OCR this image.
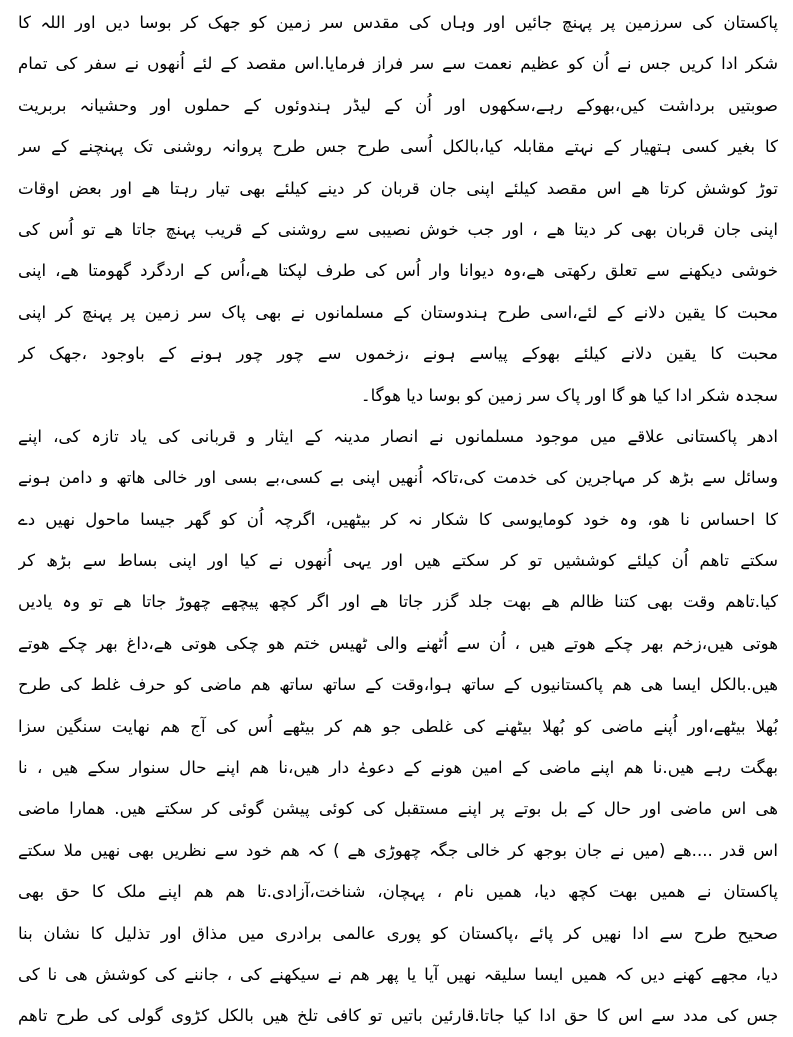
پاکستان کی سرزمین پر پہنچ جائیں اور وہاں کی مقدس سر زمین کو جھک کر بوسا دیں اور اللہ کا
شکر ادا کریں جس نے اُن کو عظیم نعمت سے سر فراز فرمایا.اس مقصد کے لئے اُنھوں نے سفر کی تمام
صوبتیں برداشت کیں،بھوکے رہے،سکھوں اور اُن کے لیڈر ہندوئوں کے حملوں اور وحشیانہ بربریت
کا بغیر کسی ہتھیار کے نہتے مقابلہ کیا،بالکل اُسی طرح جس طرح پروانہ روشنی تک پہنچنے کے سر
توڑ کوشش کرتا ھے اس مقصد کیلئے اپنی جان قربان کر دینے کیلئے بھی تیار رہتا ھے اور بعض اوقات
اپنی جان قربان بھی کر دیتا ھے ، اور جب خوش نصیبی سے روشنی کے قریب پہنچ جاتا ھے تو اُس کی
خوشی دیکھنے سے تعلق رکھتی ھے،وہ دیوانا وار اُس کی طرف لپکتا ھے،اُس کے اردگرد گھومتا ھے، اپنی
محبت کا یقین دلانے کے لئے،اسی طرح ہندوستان کے مسلمانوں نے بھی پاک سر زمین پر پہنچ کر اپنی
محبت کا یقین دلانے کیلئے بھوکے پیاسے ہونے ،زخموں سے چور چور ہونے کے باوجود ،جھک کر
سجدہ شکر ادا کیا ھو گا اور پاک سر زمین کو بوسا دیا ھوگا۔
ادھر پاکستانی علاقے میں موجود مسلمانوں نے انصار مدینہ کے ایثار و قربانی کی یاد تازہ کی، اپنے
وسائل سے بڑھ کر مہاجرین کی خدمت کی،تاکہ اُنھیں اپنی بے کسی،بے بسی اور خالی ھاتھ و دامن ہونے
کا احساس نا ھو، وہ خود کومایوسی کا شکار نہ کر بیٹھیں، اگرچہ اُن کو گھر جیسا ماحول نھیں دے
سکتے تاھم اُن کیلئے کوششیں تو کر سکتے ھیں اور یہی اُنھوں نے کیا اور اپنی بساط سے بڑھ کر
کیا.تاھم وقت بھی کتنا ظالم ھے بھت جلد گزر جاتا ھے اور اگر کچھ پیچھے چھوڑ جاتا ھے تو وہ یادیں
ھوتی ھیں،زخم بھر چکے ھوتے ھیں ، اُن سے اُٹھنے والی ٹھیس ختم ھو چکی ھوتی ھے،داغ بھر چکے ھوتے
ھیں.بالکل ایسا ھی ھم پاکستانیوں کے ساتھ ہوا،وقت کے ساتھ ساتھ ھم ماضی کو حرف غلط کی طرح
بُھلا بیٹھے،اور اُپنے ماضی کو بُھلا بیٹھنے کی غلطی جو ھم کر بیٹھے اُس کی آج ھم نھایت سنگین سزا
بھگت رہے ھیں.نا ھم اپنے ماضی کے امین ھونے کے دعوےٰ دار ھیں،نا ھم اپنے حال سنوار سکے ھیں ، نا
ھی اس ماضی اور حال کے بل بوتے پر اپنے مستقبل کی کوئی پیشن گوئی کر سکتے ھیں. ھمارا ماضی
اس قدر ....ھے (میں نے جان بوجھ کر خالی جگہ چھوڑی ھے ) کہ ھم خود سے نظریں بھی نھیں ملا سکتے
پاکستان نے ھمیں بھت کچھ دیا، ھمیں نام ، پہچان، شناخت،آزادی.تا ھم ھم اپنے ملک کا حق بھی
صحیح طرح سے ادا نھیں کر پائے ،پاکستان کو پوری عالمی برادری میں مذاق اور تذلیل کا نشان بنا
دیا، مجھے کھنے دیں کہ ھمیں ایسا سلیقہ نھیں آیا یا پھر ھم نے سیکھنے کی ، جاننے کی کوشش ھی نا کی
جس کی مدد سے اس کا حق ادا کیا جاتا.قارئین باتیں تو کافی تلخ ھیں بالکل کڑوی گولی کی طرح تاھم
